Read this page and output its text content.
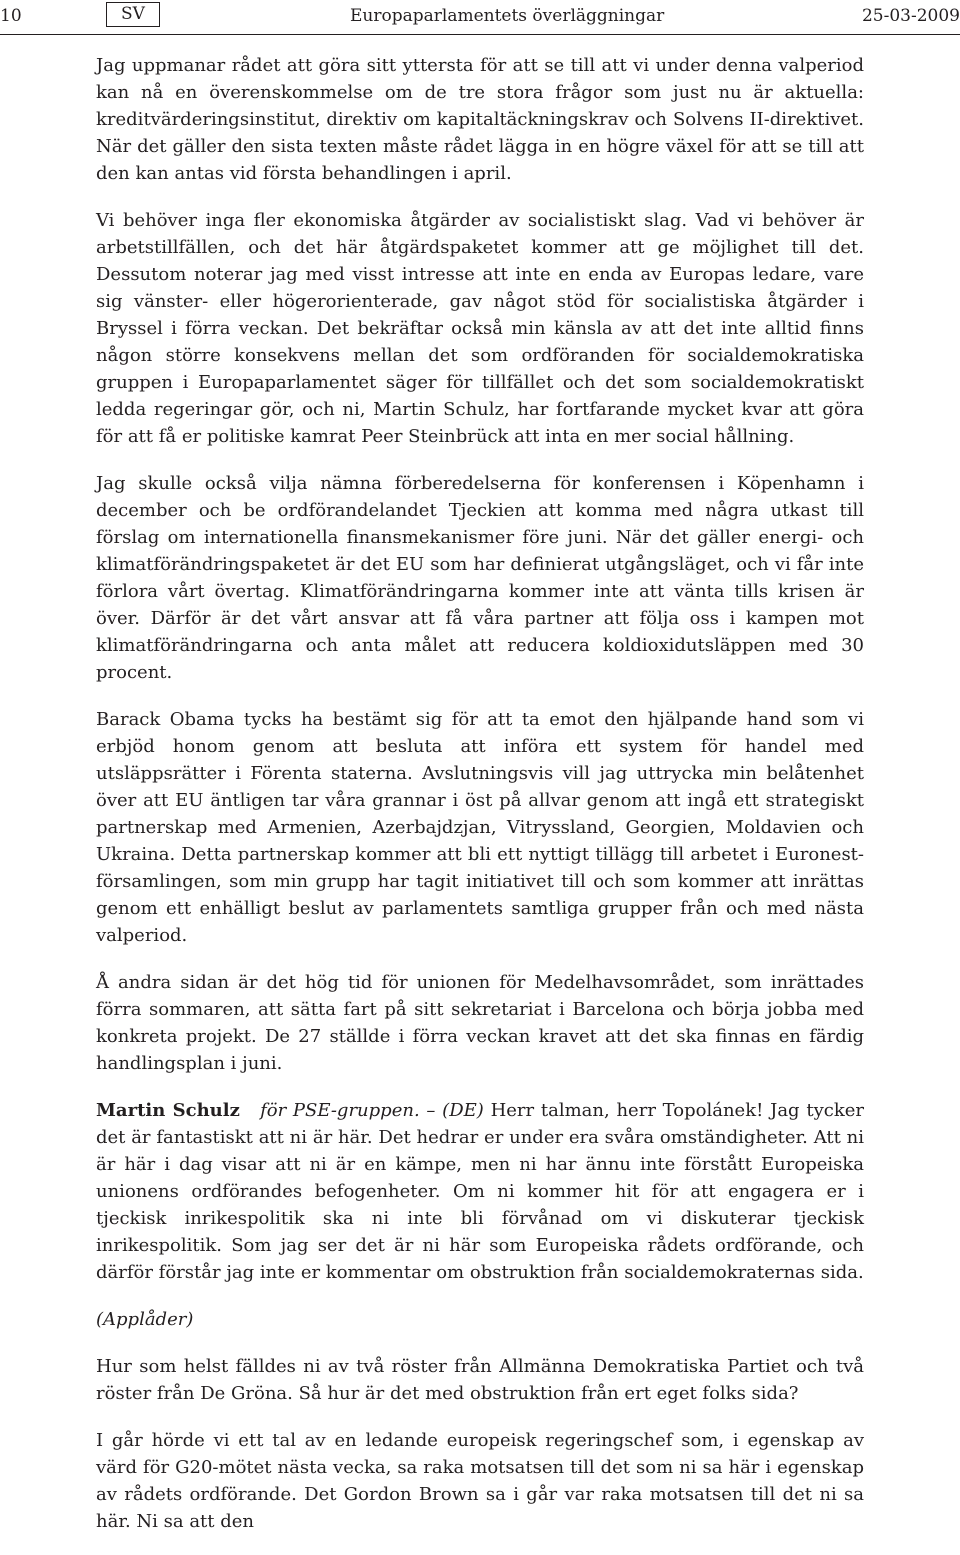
10	SV	Europaparlamentets överläggningar	25-03-2009

Jag uppmanar rådet att göra sitt yttersta för att se till att vi under denna valperiod kan nå en överenskommelse om de tre stora frågor som just nu är aktuella: kreditvärderingsinstitut, direktiv om kapitaltäckningskrav och Solvens II-direktivet. När det gäller den sista texten måste rådet lägga in en högre växel för att se till att den kan antas vid första behandlingen i april.

Vi behöver inga fler ekonomiska åtgärder av socialistiskt slag. Vad vi behöver är arbetstillfällen, och det här åtgärdspaketet kommer att ge möjlighet till det. Dessutom noterar jag med visst intresse att inte en enda av Europas ledare, vare sig vänster- eller högerorienterade, gav något stöd för socialistiska åtgärder i Bryssel i förra veckan. Det bekräftar också min känsla av att det inte alltid finns någon större konsekvens mellan det som ordföranden för socialdemokratiska gruppen i Europaparlamentet säger för tillfället och det som socialdemokratiskt ledda regeringar gör, och ni, Martin Schulz, har fortfarande mycket kvar att göra för att få er politiske kamrat Peer Steinbrück att inta en mer social hållning.

Jag skulle också vilja nämna förberedelserna för konferensen i Köpenhamn i december och be ordförandelandet Tjeckien att komma med några utkast till förslag om internationella finansmekanismer före juni. När det gäller energi- och klimatförändringspaketet är det EU som har definierat utgångsläget, och vi får inte förlora vårt övertag. Klimatförändringarna kommer inte att vänta tills krisen är över. Därför är det vårt ansvar att få våra partner att följa oss i kampen mot klimatförändringarna och anta målet att reducera koldioxidutsläppen med 30 procent.

Barack Obama tycks ha bestämt sig för att ta emot den hjälpande hand som vi erbjöd honom genom att besluta att införa ett system för handel med utsläppsrätter i Förenta staterna. Avslutningsvis vill jag uttrycka min belåtenhet över att EU äntligen tar våra grannar i öst på allvar genom att ingå ett strategiskt partnerskap med Armenien, Azerbajdzjan, Vitryssland, Georgien, Moldavien och Ukraina. Detta partnerskap kommer att bli ett nyttigt tillägg till arbetet i Euronest-församlingen, som min grupp har tagit initiativet till och som kommer att inrättas genom ett enhälligt beslut av parlamentets samtliga grupper från och med nästa valperiod.

Å andra sidan är det hög tid för unionen för Medelhavsområdet, som inrättades förra sommaren, att sätta fart på sitt sekretariat i Barcelona och börja jobba med konkreta projekt. De 27 ställde i förra veckan kravet att det ska finnas en färdig handlingsplan i juni.

Martin Schulz för PSE-gruppen. – (DE) Herr talman, herr Topolánek! Jag tycker det är fantastiskt att ni är här. Det hedrar er under era svåra omständigheter. Att ni är här i dag visar att ni är en kämpe, men ni har ännu inte förstått Europeiska unionens ordförandes befogenheter. Om ni kommer hit för att engagera er i tjeckisk inrikespolitik ska ni inte bli förvånad om vi diskuterar tjeckisk inrikespolitik. Som jag ser det är ni här som Europeiska rådets ordförande, och därför förstår jag inte er kommentar om obstruktion från socialdemokraternas sida.

(Applåder)

Hur som helst fälldes ni av två röster från Allmänna Demokratiska Partiet och två röster från De Gröna. Så hur är det med obstruktion från ert eget folks sida?

I går hörde vi ett tal av en ledande europeisk regeringschef som, i egenskap av värd för G20-mötet nästa vecka, sa raka motsatsen till det som ni sa här i egenskap av rådets ordförande. Det Gordon Brown sa i går var raka motsatsen till det ni sa här. Ni sa att den
